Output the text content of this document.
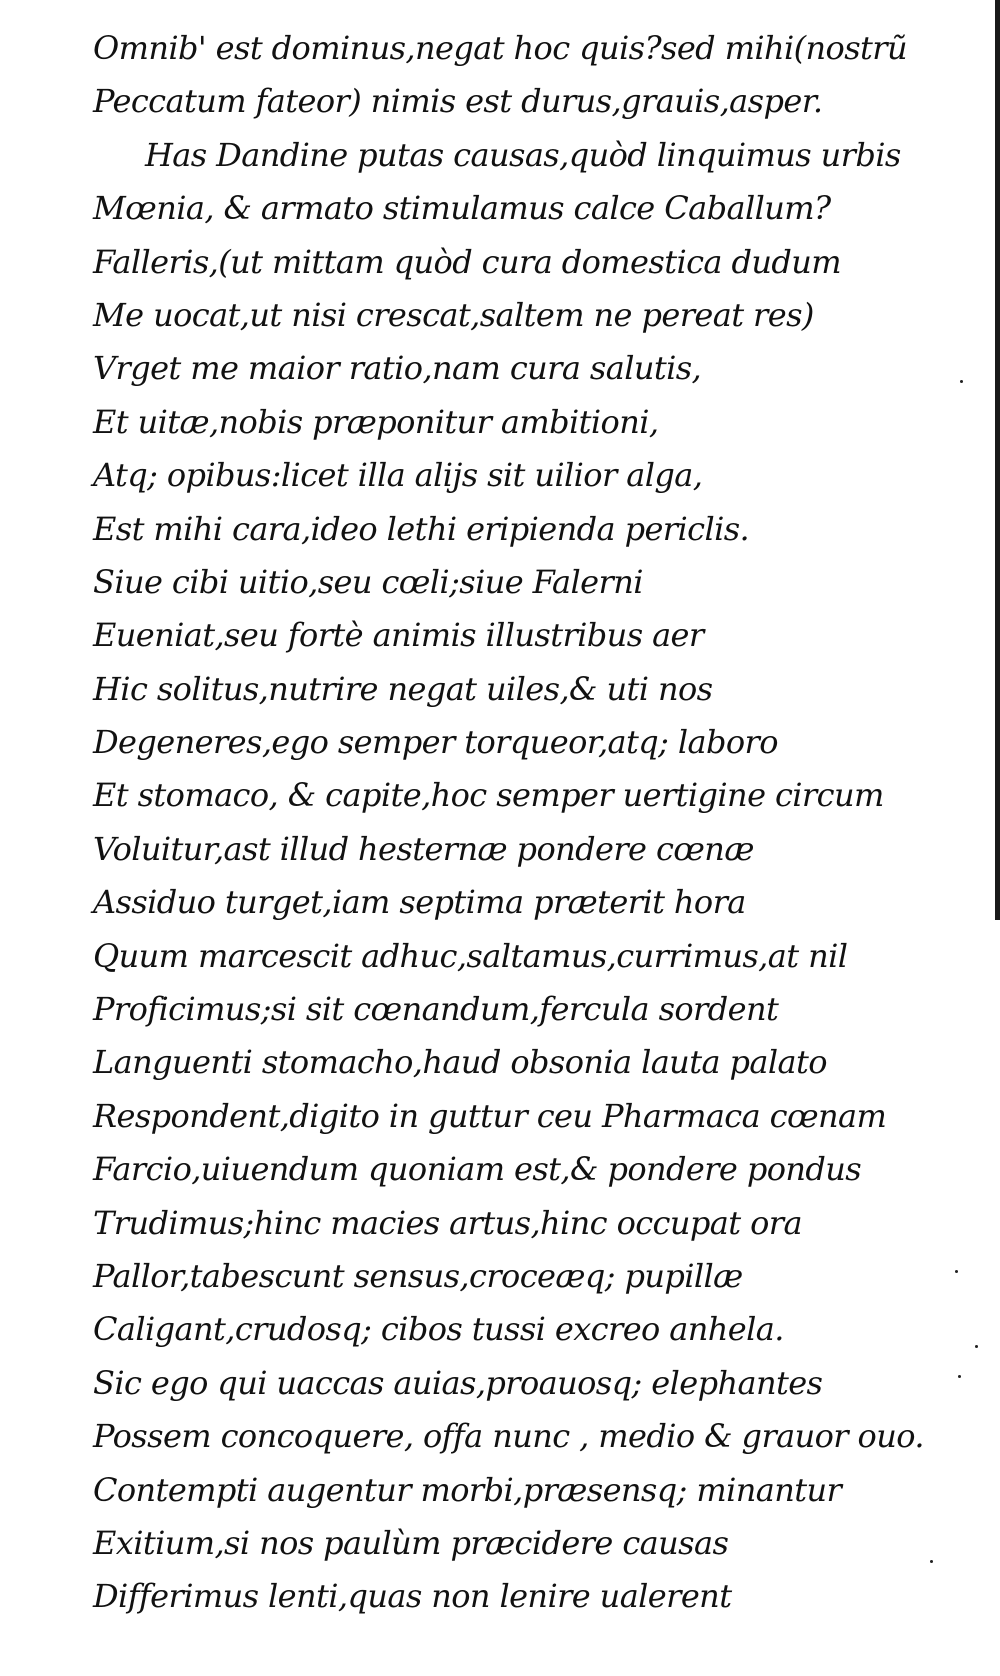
Omnib' est dominus,negat hoc quis?sed mihi(nostrũ
Peccatum fateor) nimis est durus,grauis,asper.
Has Dandine putas causas,quòd linquimus urbis
Mœnia, & armato stimulamus calce Caballum?
Falleris,(ut mittam quòd cura domestica dudum
Me uocat,ut nisi crescat,saltem ne pereat res)
Vrget me maior ratio,nam cura salutis,
Et uitæ,nobis præponitur ambitioni,
Atq; opibus:licet illa alijs sit uilior alga,
Est mihi cara,ideo lethi eripienda periclis.
Siue cibi uitio,seu cœli;siue Falerni
Eueniat,seu fortè animis illustribus aer
Hic solitus,nutrire negat uiles,& uti nos
Degeneres,ego semper torqueor,atq; laboro
Et stomaco, & capite,hoc semper uertigine circum
Voluitur,ast illud hesternæ pondere cœnæ
Assiduo turget,iam septima præterit hora
Quum marcescit adhuc,saltamus,currimus,at nil
Proficimus;si sit cœnandum,fercula sordent
Languenti stomacho,haud obsonia lauta palato
Respondent,digito in guttur ceu Pharmaca cœnam
Farcio,uiuendum quoniam est,& pondere pondus
Trudimus;hinc macies artus,hinc occupat ora
Pallor,tabescunt sensus,croceæq; pupillæ
Caligant,crudosq; cibos tussi excreo anhela.
Sic ego qui uaccas auias,proauosq; elephantes
Possem concoquere, offa nunc , medio & grauor ouo.
Contempti augentur morbi,præsensq; minantur
Exitium,si nos paulùm præcidere causas
Differimus lenti,quas non lenire ualerent
